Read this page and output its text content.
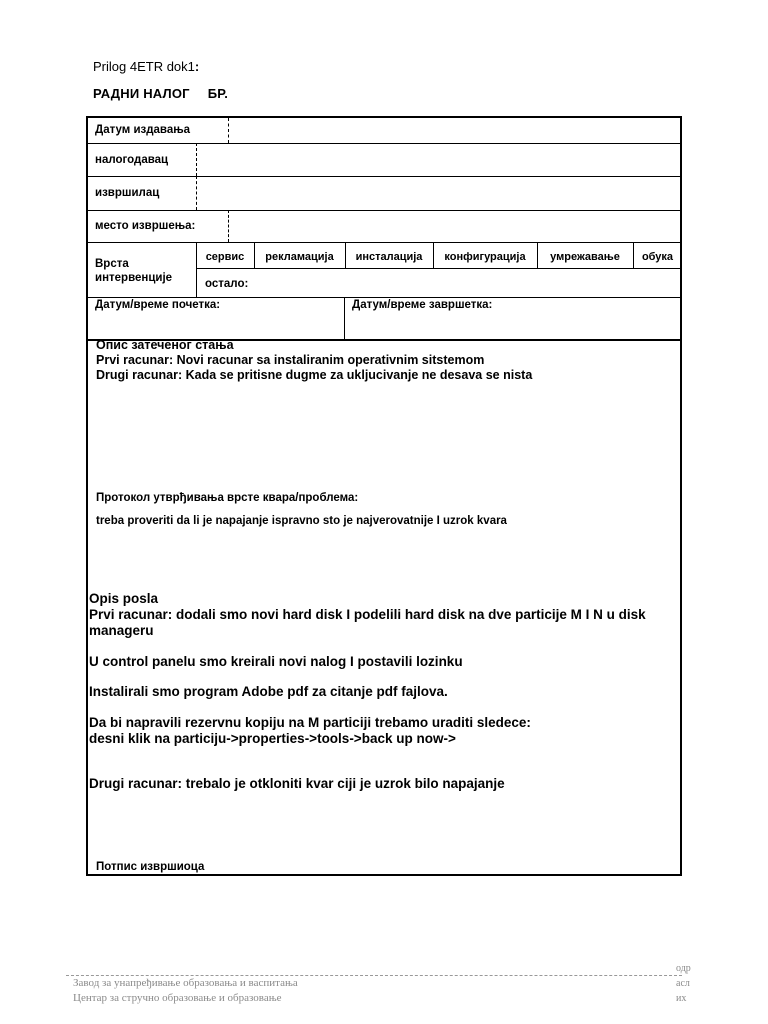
Prilog 4ETR dok1:
РАДНИ НАЛОГ БР.
Датум издавања
налогодавац
извршилац
место извршења:
Врста
интервенције
сервис	рекламација	инсталација	конфигурација	умрежавање	обука
остало:
Датум/време почетка:	Датум/време завршетка:
Опис затеченог стања
Prvi racunar: Novi racunar sa instaliranim operativnim sitstemom
Drugi racunar: Kada se pritisne dugme za ukljucivanje ne desava se nista
Протокол утврђивања врсте квара/проблема:
treba proveriti da li je napajanje ispravno sto je najverovatnije I uzrok kvara
Opis posla
Prvi racunar: dodali smo novi hard disk I podelili hard disk na dve particije M I N u disk
manageru
U control panelu smo kreirali novi nalog I postavili lozinku
Instalirali smo program Adobe pdf za citanje pdf fajlova.
Da bi napravili rezervnu kopiju na M particiji trebamo uraditi sledece:
desni klik na particiju->properties->tools->back up now->
Drugi racunar: trebalo je otkloniti kvar ciji je uzrok bilo napajanje
Потпис извршиоца
Завод за унапређивање образовања и васпитања
Центар за стручно образовање и образовање
одр
асл
их
